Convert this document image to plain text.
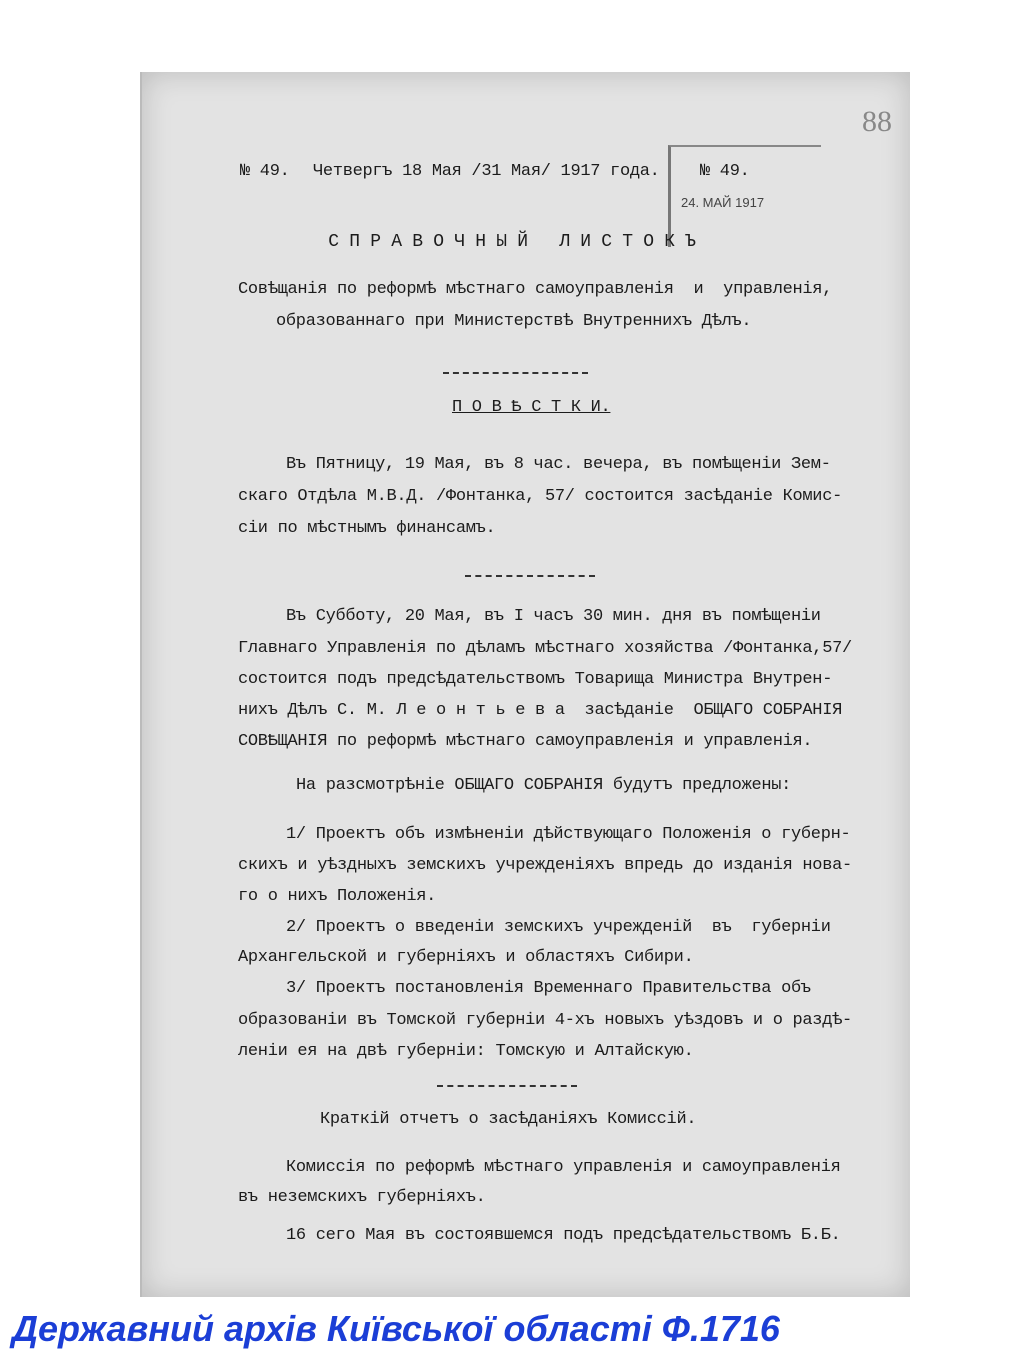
88
24. МАЙ 1917
№ 49. Четвергъ 18 Мая /31 Мая/ 1917 года. № 49.
С П Р А В О Ч Н Ы Й   Л И С Т О К Ъ
Совѣщанія по реформѣ мѣстнаго самоуправленія  и  управленія,
образованнаго при Министерствѣ Внутреннихъ Дѣлъ.
П О В Ѣ С Т К И.
Въ Пятницу, 19 Мая, въ 8 час. вечера, въ помѣщеніи Зем-
скаго Отдѣла М.В.Д. /Фонтанка, 57/ состоится засѣданіе Комис-
сіи по мѣстнымъ финансамъ.
Въ Субботу, 20 Мая, въ I часъ 30 мин. дня въ помѣщеніи
Главнаго Управленія по дѣламъ мѣстнаго хозяйства /Фонтанка,57/
состоится подъ предсѣдательствомъ Товарища Министра Внутрен-
нихъ Дѣлъ С. М. Л е о н т ь е в а  засѣданіе  ОБЩАГО СОБРАНІЯ
СОВѢЩАНІЯ по реформѣ мѣстнаго самоуправленія и управленія.
На разсмотрѣніе ОБЩАГО СОБРАНІЯ будутъ предложены:
1/ Проектъ объ измѣненіи дѣйствующаго Положенія о губерн-
скихъ и уѣздныхъ земскихъ учрежденіяхъ впредь до изданія нова-
го о нихъ Положенія.
2/ Проектъ о введеніи земскихъ учрежденій  въ  губерніи
Архангельской и губерніяхъ и областяхъ Сибири.
3/ Проектъ постановленія Временнаго Правительства объ
образованіи въ Томской губерніи 4-хъ новыхъ уѣздовъ и о раздѣ-
леніи ея на двѣ губерніи: Томскую и Алтайскую.
Краткій отчетъ о засѣданіяхъ Комиссій.
Комиссія по реформѣ мѣстнаго управленія и самоуправленія
въ неземскихъ губерніяхъ.
16 сего Мая въ состоявшемся подъ предсѣдательствомъ Б.Б.
Державний архів Київської області Ф.1716
